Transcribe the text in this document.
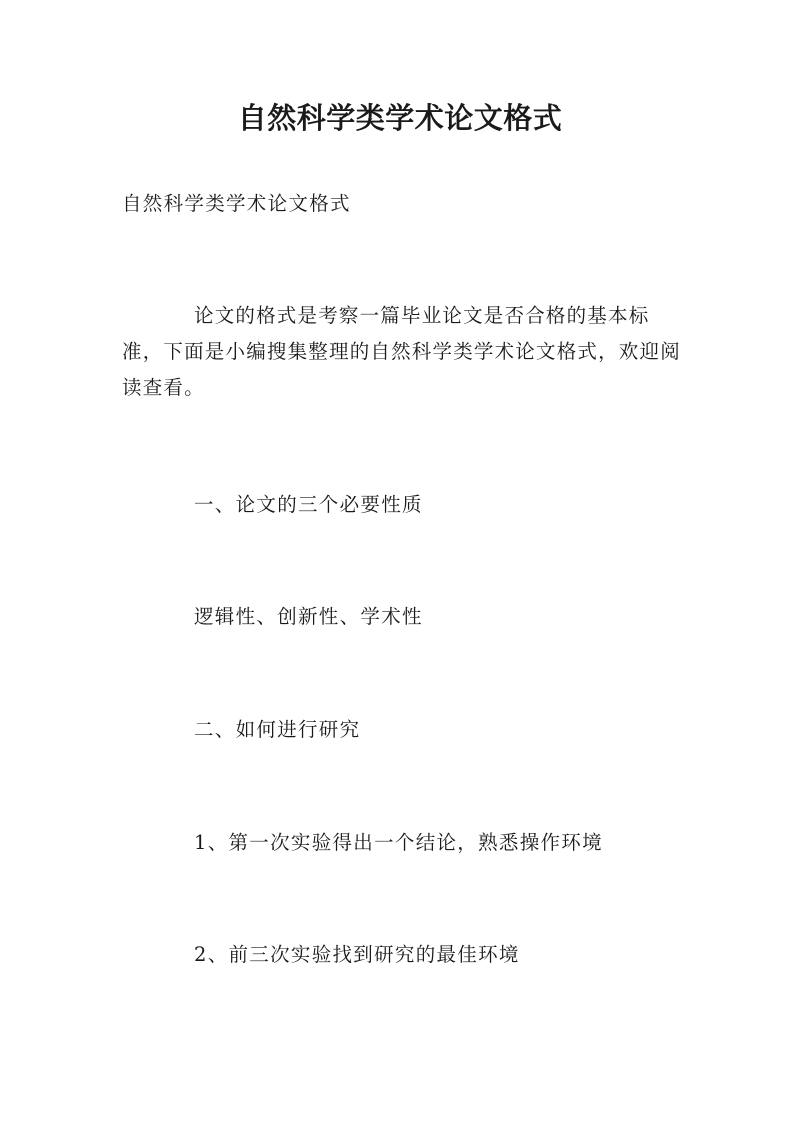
自然科学类学术论文格式

自然科学类学术论文格式

论文的格式是考察一篇毕业论文是否合格的基本标准，下面是小编搜集整理的自然科学类学术论文格式，欢迎阅读查看。

一、论文的三个必要性质

逻辑性、创新性、学术性

二、如何进行研究

1、第一次实验得出一个结论，熟悉操作环境

2、前三次实验找到研究的最佳环境
